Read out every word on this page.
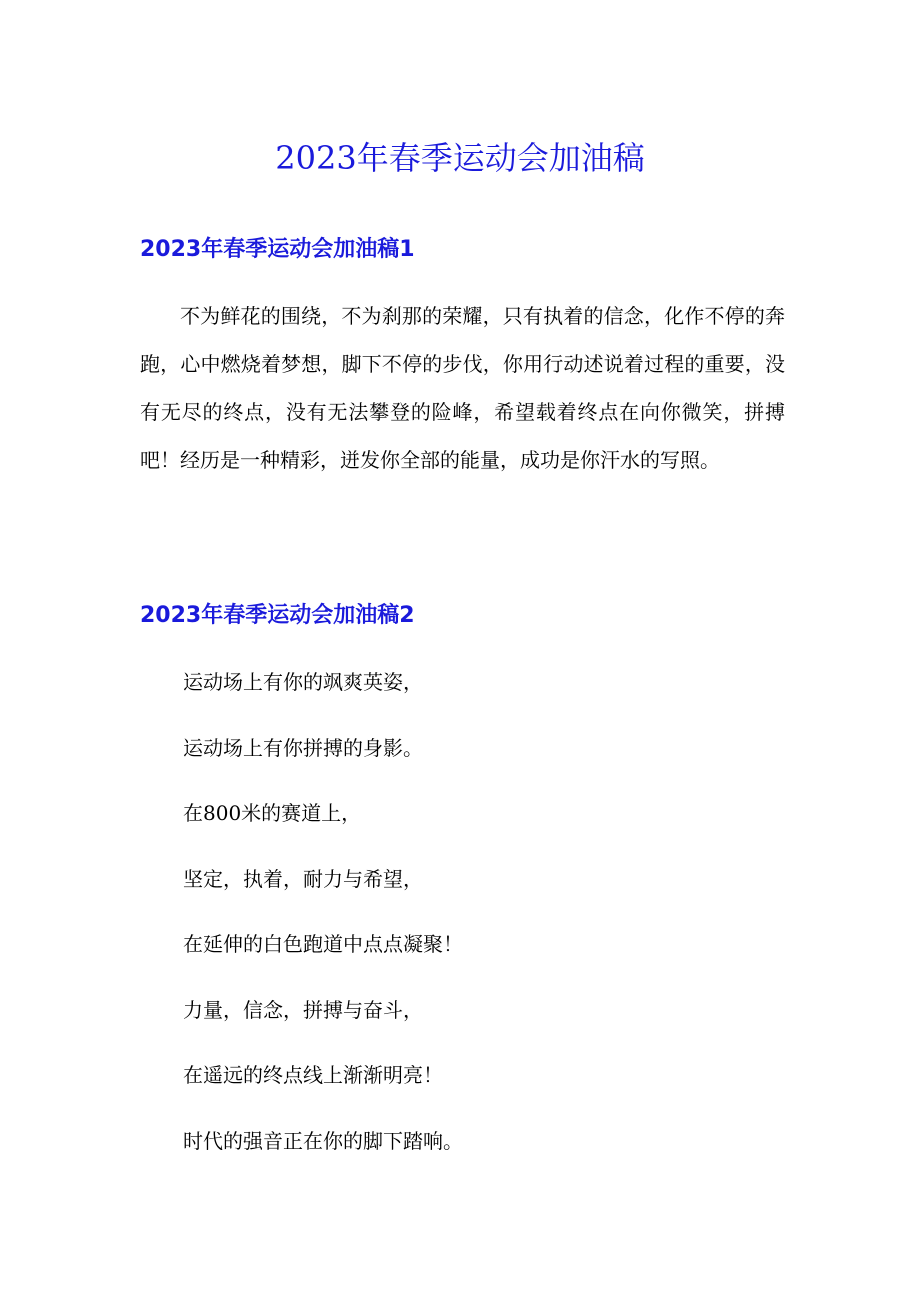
2023年春季运动会加油稿
2023年春季运动会加油稿1
不为鲜花的围绕，不为刹那的荣耀，只有执着的信念，化作不停的奔跑，心中燃烧着梦想，脚下不停的步伐，你用行动述说着过程的重要，没有无尽的终点，没有无法攀登的险峰，希望载着终点在向你微笑，拼搏吧！经历是一种精彩，迸发你全部的能量，成功是你汗水的写照。
2023年春季运动会加油稿2
运动场上有你的飒爽英姿，
运动场上有你拼搏的身影。
在800米的赛道上，
坚定，执着，耐力与希望，
在延伸的白色跑道中点点凝聚！
力量，信念，拼搏与奋斗，
在遥远的终点线上渐渐明亮！
时代的强音正在你的脚下踏响。
